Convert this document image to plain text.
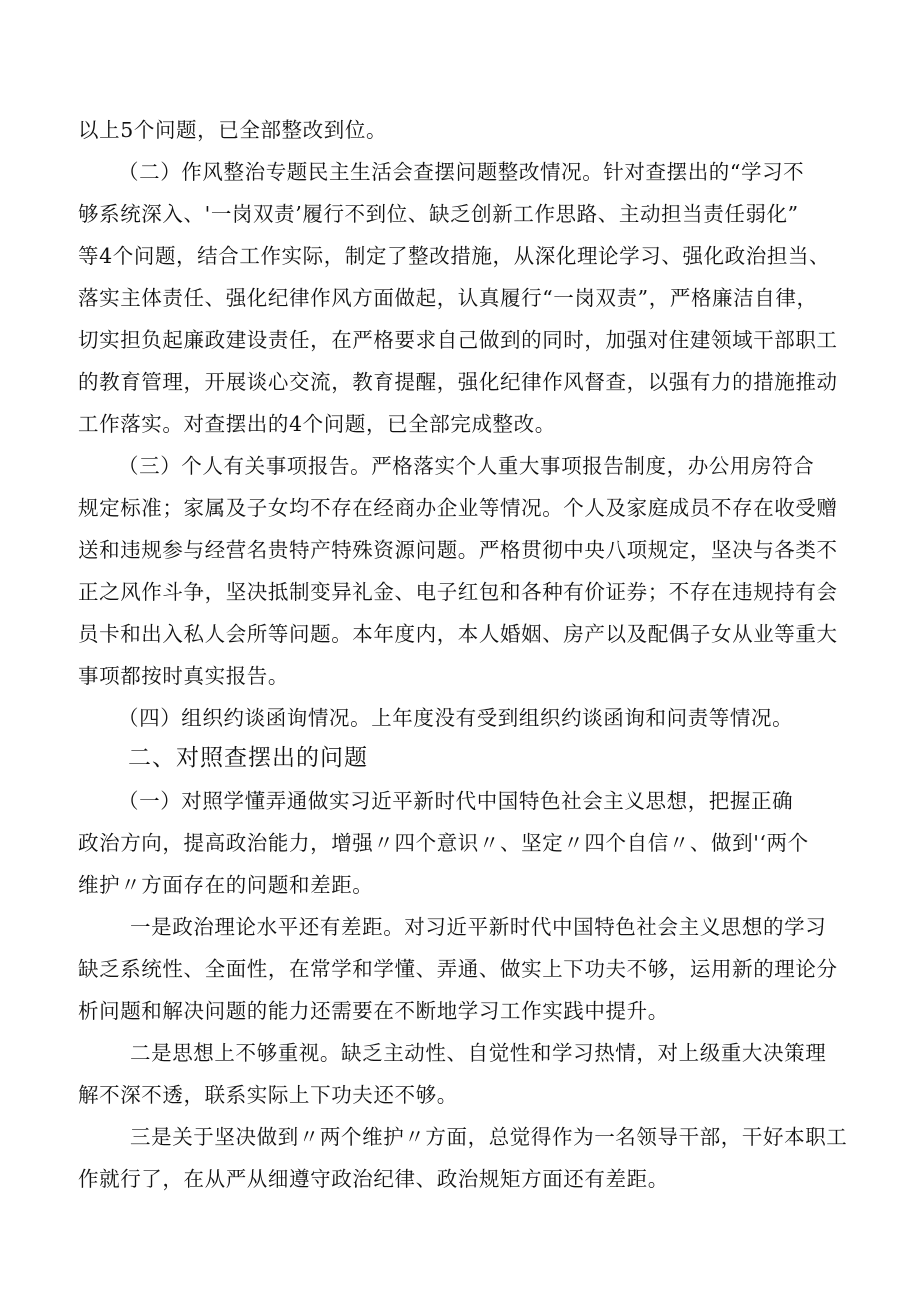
以上5个问题，已全部整改到位。
（二）作风整治专题民主生活会查摆问题整改情况。针对查摆出的“学习不
够系统深入、'一岗双责’履行不到位、缺乏创新工作思路、主动担当责任弱化”
等4个问题，结合工作实际，制定了整改措施，从深化理论学习、强化政治担当、
落实主体责任、强化纪律作风方面做起，认真履行“一岗双责”，严格廉洁自律，
切实担负起廉政建设责任，在严格要求自己做到的同时，加强对住建领域干部职工
的教育管理，开展谈心交流，教育提醒，强化纪律作风督查，以强有力的措施推动
工作落实。对查摆出的4个问题，已全部完成整改。
（三）个人有关事项报告。严格落实个人重大事项报告制度，办公用房符合
规定标准；家属及子女均不存在经商办企业等情况。个人及家庭成员不存在收受赠
送和违规参与经营名贵特产特殊资源问题。严格贯彻中央八项规定，坚决与各类不
正之风作斗争，坚决抵制变异礼金、电子红包和各种有价证券；不存在违规持有会
员卡和出入私人会所等问题。本年度内，本人婚姻、房产以及配偶子女从业等重大
事项都按时真实报告。
（四）组织约谈函询情况。上年度没有受到组织约谈函询和问责等情况。
二、对照查摆出的问题
（一）对照学懂弄通做实习近平新时代中国特色社会主义思想，把握正确
政治方向，提高政治能力，增强〃四个意识〃、坚定〃四个自信〃、做到'‘两个
维护〃方面存在的问题和差距。
一是政治理论水平还有差距。对习近平新时代中国特色社会主义思想的学习
缺乏系统性、全面性，在常学和学懂、弄通、做实上下功夫不够，运用新的理论分
析问题和解决问题的能力还需要在不断地学习工作实践中提升。
二是思想上不够重视。缺乏主动性、自觉性和学习热情，对上级重大决策理
解不深不透，联系实际上下功夫还不够。
三是关于坚决做到〃两个维护〃方面，总觉得作为一名领导干部，干好本职工
作就行了，在从严从细遵守政治纪律、政治规矩方面还有差距。
